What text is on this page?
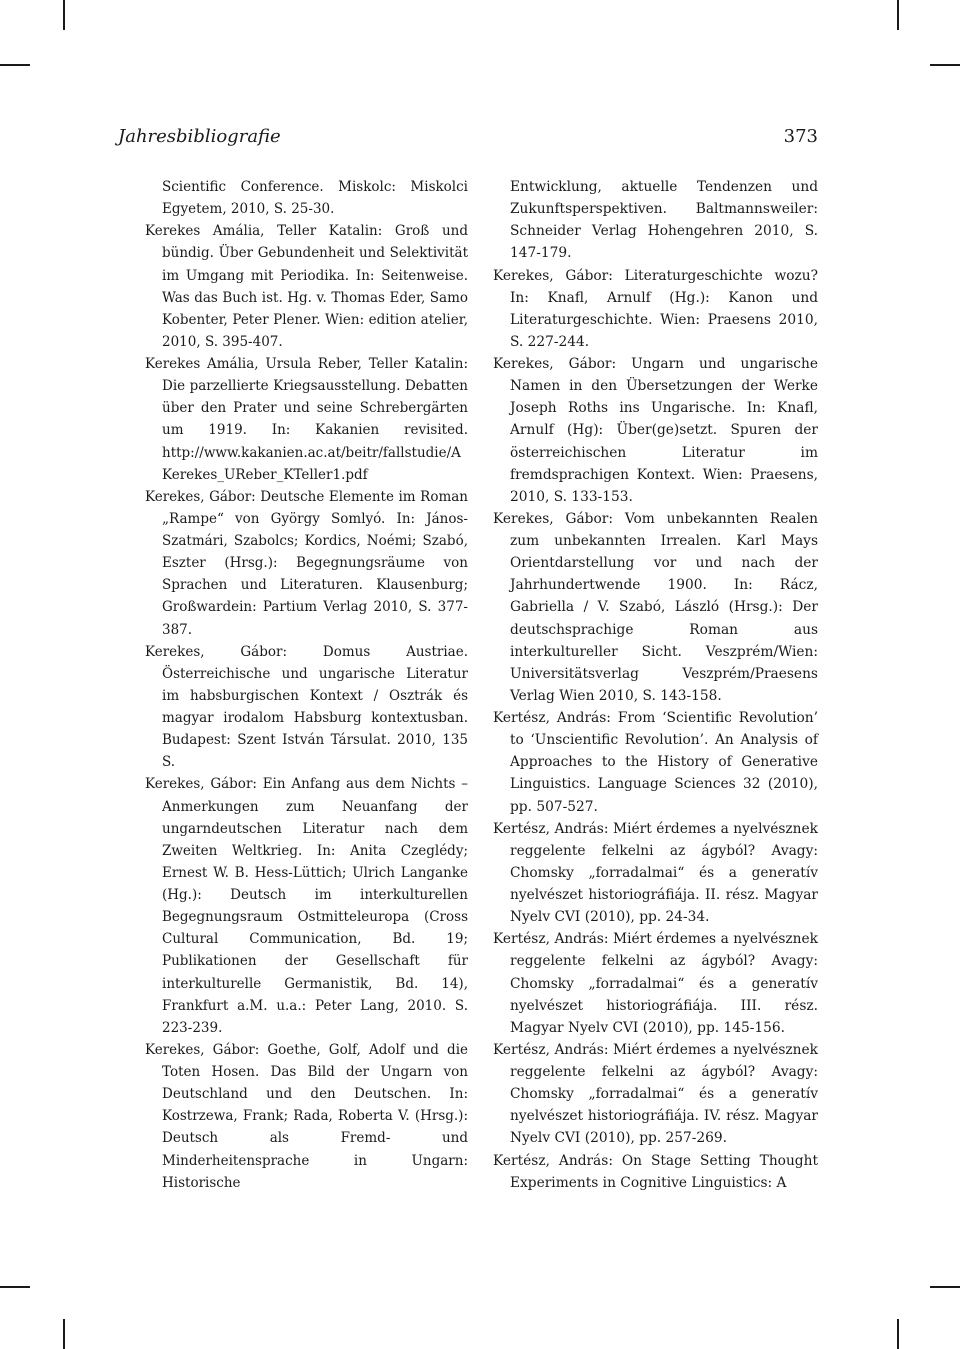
Jahresbibliografie	373

Scientific Conference. Miskolc: Miskolci Egyetem, 2010, S. 25-30.

Kerekes Amália, Teller Katalin: Groß und bündig. Über Gebundenheit und Selektivität im Umgang mit Periodika. In: Seitenweise. Was das Buch ist. Hg. v. Thomas Eder, Samo Kobenter, Peter Plener. Wien: edition atelier, 2010, S. 395-407.

Kerekes Amália, Ursula Reber, Teller Katalin: Die parzellierte Kriegsausstellung. Debatten über den Prater und seine Schrebergärten um 1919. In: Kakanien revisited. http://www.kakanien.ac.at/beitr/fallstudie/AKerekes_UReber_KTeller1.pdf

Kerekes, Gábor: Deutsche Elemente im Roman „Rampe“ von György Somlyó. In: János-Szatmári, Szabolcs; Kordics, Noémi; Szabó, Eszter (Hrsg.): Begegnungsräume von Sprachen und Literaturen. Klausenburg; Großwardein: Partium Verlag 2010, S. 377-387.

Kerekes, Gábor: Domus Austriae. Österreichische und ungarische Literatur im habsburgischen Kontext / Osztrák és magyar irodalom Habsburg kontextusban. Budapest: Szent István Társulat. 2010, 135 S.

Kerekes, Gábor: Ein Anfang aus dem Nichts – Anmerkungen zum Neuanfang der ungarndeutschen Literatur nach dem Zweiten Weltkrieg. In: Anita Czeglédy; Ernest W. B. Hess-Lüttich; Ulrich Langanke (Hg.): Deutsch im interkulturellen Begegnungsraum Ostmitteleuropa (Cross Cultural Communication, Bd. 19; Publikationen der Gesellschaft für interkulturelle Germanistik, Bd. 14), Frankfurt a.M. u.a.: Peter Lang, 2010. S. 223-239.

Kerekes, Gábor: Goethe, Golf, Adolf und die Toten Hosen. Das Bild der Ungarn von Deutschland und den Deutschen. In: Kostrzewa, Frank; Rada, Roberta V. (Hrsg.): Deutsch als Fremd- und Minderheitensprache in Ungarn: Historische

Entwicklung, aktuelle Tendenzen und Zukunftsperspektiven. Baltmannsweiler: Schneider Verlag Hohengehren 2010, S. 147-179.

Kerekes, Gábor: Literaturgeschichte wozu? In: Knafl, Arnulf (Hg.): Kanon und Literaturgeschichte. Wien: Praesens 2010, S. 227-244.

Kerekes, Gábor: Ungarn und ungarische Namen in den Übersetzungen der Werke Joseph Roths ins Ungarische. In: Knafl, Arnulf (Hg): Über(ge)setzt. Spuren der österreichischen Literatur im fremdsprachigen Kontext. Wien: Praesens, 2010, S. 133-153.

Kerekes, Gábor: Vom unbekannten Realen zum unbekannten Irrealen. Karl Mays Orientdarstellung vor und nach der Jahrhundertwende 1900. In: Rácz, Gabriella / V. Szabó, László (Hrsg.): Der deutschsprachige Roman aus interkultureller Sicht. Veszprém/Wien: Universitätsverlag Veszprém/Praesens Verlag Wien 2010, S. 143-158.

Kertész, András: From ‘Scientific Revolution’ to ‘Unscientific Revolution’. An Analysis of Approaches to the History of Generative Linguistics. Language Sciences 32 (2010), pp. 507-527.

Kertész, András: Miért érdemes a nyelvésznek reggelente felkelni az ágyból? Avagy: Chomsky „forradalmai“ és a generatív nyelvészet historiográfiája. II. rész. Magyar Nyelv CVI (2010), pp. 24-34.

Kertész, András: Miért érdemes a nyelvésznek reggelente felkelni az ágyból? Avagy: Chomsky „forradalmai“ és a generatív nyelvészet historiográfiája. III. rész. Magyar Nyelv CVI (2010), pp. 145-156.

Kertész, András: Miért érdemes a nyelvésznek reggelente felkelni az ágyból? Avagy: Chomsky „forradalmai“ és a generatív nyelvészet historiográfiája. IV. rész. Magyar Nyelv CVI (2010), pp. 257-269.

Kertész, András: On Stage Setting Thought Experiments in Cognitive Linguistics: A
